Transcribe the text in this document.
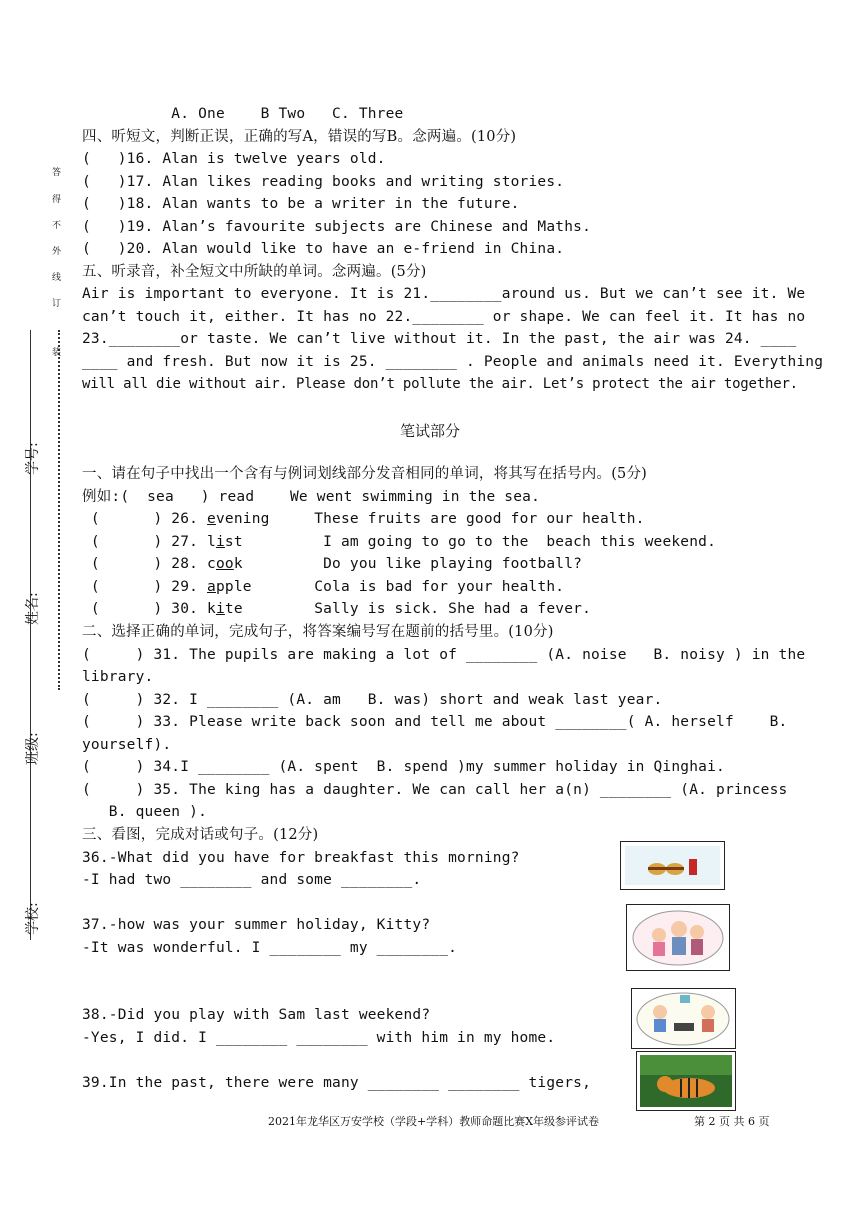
答
得
不
外
线
订
装
学号:
姓名:
班级:
学校:
A. One    B Two   C. Three
四、听短文，判断正误，正确的写A，错误的写B。念两遍。(10分)
(   )16. Alan is twelve years old.
(   )17. Alan likes reading books and writing stories.
(   )18. Alan wants to be a writer in the future.
(   )19. Alan’s favourite subjects are Chinese and Maths.
(   )20. Alan would like to have an e-friend in China.
五、听录音，补全短文中所缺的单词。念两遍。(5分)
Air is important to everyone. It is 21.________around us. But we can’t see it. We
can’t touch it, either. It has no 22.________ or shape. We can feel it. It has no
23.________or taste. We can’t live without it. In the past, the air was 24. ____
____ and fresh. But now it is 25. ________ . People and animals need it. Everything
will all die without air. Please don’t pollute the air. Let’s protect the air together.
笔试部分
一、请在句子中找出一个含有与例词划线部分发音相同的单词，将其写在括号内。(5分)
例如:(  sea   ) read    We went swimming in the sea.
(      ) 26. evening     These fruits are good for our health.
(      ) 27. list         I am going to go to the  beach this weekend.
(      ) 28. cook         Do you like playing football?
(      ) 29. apple       Cola is bad for your health.
(      ) 30. kite        Sally is sick. She had a fever.
二、选择正确的单词，完成句子，将答案编号写在题前的括号里。(10分)
(     ) 31. The pupils are making a lot of ________ (A. noise   B. noisy ) in the
library.
(     ) 32. I ________ (A. am   B. was) short and weak last year.
(     ) 33. Please write back soon and tell me about ________( A. herself    B.
yourself).
(     ) 34.I ________ (A. spent  B. spend )my summer holiday in Qinghai.
(     ) 35. The king has a daughter. We can call her a(n) ________ (A. princess
B. queen ).
三、看图，完成对话或句子。(12分)
36.-What did you have for breakfast this morning?
-I had two ________ and some ________.
37.-how was your summer holiday, Kitty?
-It was wonderful. I ________ my ________.
38.-Did you play with Sam last weekend?
-Yes, I did. I ________ ________ with him in my home.
39.In the past, there were many ________ ________ tigers,
2021年龙华区万安学校（学段+学科）教师命题比赛X年级参评试卷	第 2 页 共 6 页
